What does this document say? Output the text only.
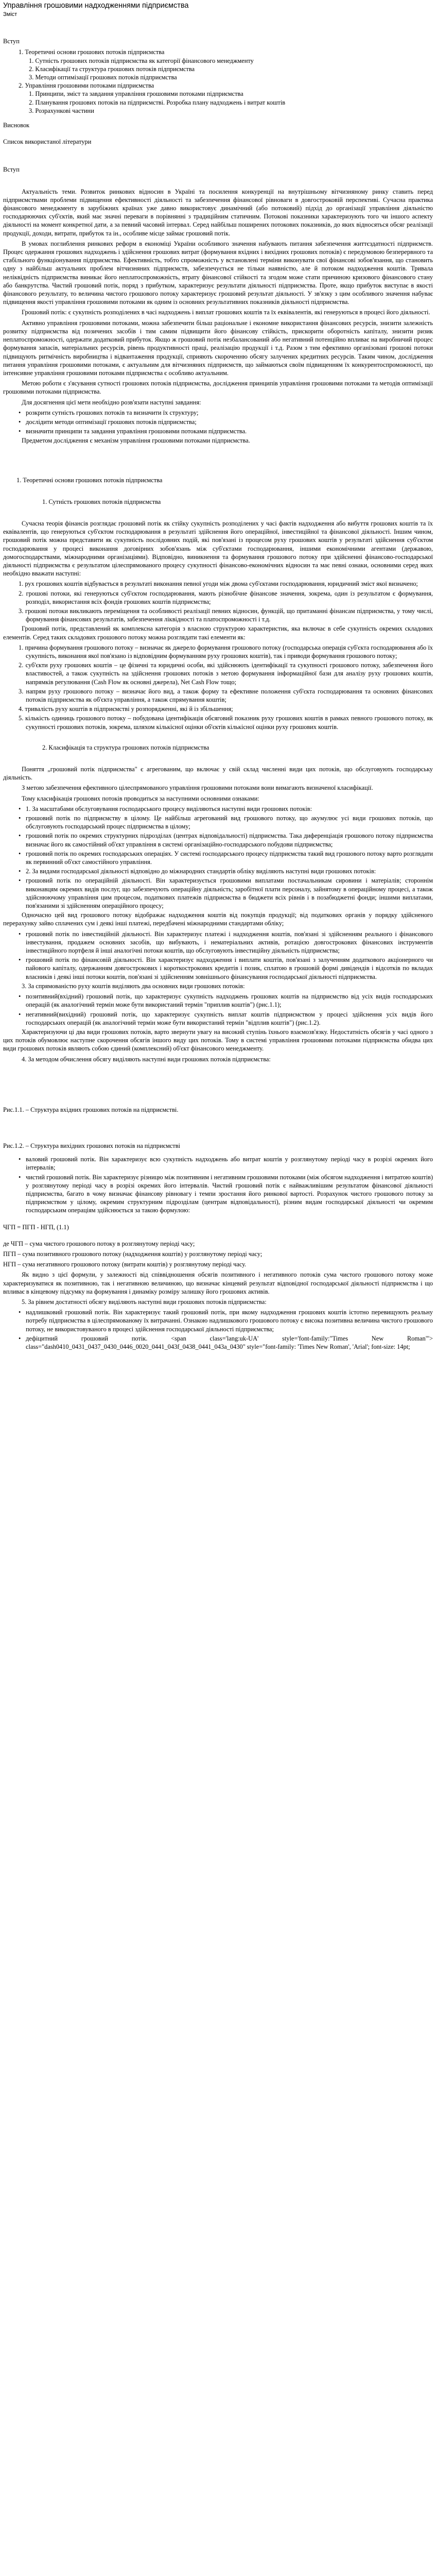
Управління грошовими надходженнями підприємства
Зміст

Вступ

1. Теоретичні основи грошових потоків підприємства
1. Сутність грошових потоків підприємства як категорії фінансового менеджменту
2. Класифікації та структура грошових потоків підприємства
3. Методи оптимізації грошових потоків підприємства
2. Управління грошовими потоками підприємства
1. Принципи, зміст та завдання управління грошовими потоками підприємства
2. Планування грошових потоків на підприємстві. Розробка плану надходжень і витрат коштів
3. Розрахункові частини

Висновок

Список використаної літератури

Вступ

Актуальність теми. Розвиток ринкових відносин в Україні та посилення конкуренції на внутрішньому вітчизняному ринку ставить перед підприємствами проблеми підвищення ефективності діяльності та забезпечення фінансової рівноваги в довгостроковій перспективі. Сучасна практика фінансового менеджменту в зарубіжних країнах уже давно використовує динамічний (або потоковий) підхід до організації управління діяльністю господарюючих суб'єктів, який має значні переваги в порівнянні з традиційним статичним. Потокові показники характеризують того чи іншого аспекту діяльності на момент конкретної дати, а за певний часовий інтервал. Серед найбільш поширених потокових показників, до яких відносяться обсяг реалізації продукції, доходи, витрати, прибуток та ін., особливе місце займає грошовий потік.

В умовах поглиблення ринкових реформ в економіці України особливого значення набувають питання забезпечення життєздатності підприємств. Процес одержання грошових надходжень і здійснення грошових витрат (формування вхідних і вихідних грошових потоків) є передумовою безперервного та стабільного функціонування підприємства. Ефективність, тобто спроможність у встановлені терміни виконувати свої фінансові зобов'язання, що становить одну з найбільш актуальних проблем вітчизняних підприємств, забезпечується не тільки наявністю, але й потоком надходження коштів. Тривала неліквідність підприємства виникає його неплатоспроможність, втрату фінансової стійкості та згодом може стати причиною кризового фінансового стану або банкрутства. Чистий грошовий потік, поряд з прибутком, характеризує результати діяльності підприємства. Проте, якщо прибуток виступає в якості фінансового результату, то величина чистого грошового потоку характеризує грошовий результат діяльності. У зв'язку з цим особливого значення набуває підвищення якості управління грошовими потоками як одним із основних результативних показників діяльності підприємства.

Грошовий потік: є сукупність розподілених в часі надходжень і виплат грошових коштів та їх еквівалентів, які генеруються в процесі його діяльності.

Активно управління грошовими потоками, можна забезпечити більш раціональне і економне використання фінансових ресурсів, знизити залежність розвитку підприємства від позичених засобів і тим самим підвищити його фінансову стійкість, прискорити оборотність капіталу, знизити ризик неплатоспроможності, одержати додатковий прибуток. Якщо ж грошовий потік незбалансований або негативний потенційно впливає на виробничий процес формування запасів, матеріальних ресурсів, рівень продуктивності праці, реалізацію продукції і т.д. Разом з тим ефективно організовані грошові потоки підвищують ритмічність виробництва і відвантаження продукції, сприяють скороченню обсягу залучених кредитних ресурсів. Таким чином, дослідження питання управління грошовими потоками, є актуальним для вітчизняних підприємств, що займаються своїм підвищенням їх конкурентоспроможності, що інтенсивне управління грошовими потоками підприємства є особливо актуальним.

Метою роботи є з'ясування сутності грошових потоків підприємства, дослідження принципів управління грошовими потоками та методів оптимізації грошовими потоками підприємства.

Для досягнення цієї мети необхідно розв'язати наступні завдання:

• розкрити сутність грошових потоків та визначити їх структуру;
• дослідити методи оптимізації грошових потоків підприємства;
• визначити принципи та завдання управління грошовими потоками підприємства.

Предметом дослідження є механізм управління грошовими потоками підприємства.

1. Теоретичні основи грошових потоків підприємства

1. Сутність грошових потоків підприємства

Сучасна теорія фінансів розглядає грошовий потік як стійку сукупність розподілених у часі фактів надходження або вибуття грошових коштів та їх еквівалентів, що генеруються суб'єктом господарювання в результаті здійснення його операційної, інвестиційної та фінансової діяльності. Іншим чином, грошовий потік можна представити як сукупність послідовних подій, які пов'язані із процесом руху грошових коштів у результаті здійснення суб'єктом господарювання у процесі виконання договірних зобов'язань між суб'єктами господарювання, іншими економічними агентами (державою, домогосподарствами, міжнародними організаціями). Відповідно, виникнення та формування грошового потоку при здійсненні фінансово-господарської діяльності підприємства є результатом цілеспрямованого процесу сукупності фінансово-економічних відносин та має певні ознаки, основними серед яких необхідно вважати наступні:

1. рух грошових коштів відбувається в результаті виконання певної угоди між двома суб'єктами господарювання, юридичний зміст якої визначено;
2. грошові потоки, які генеруються суб'єктом господарювання, мають різнобічне фінансове значення, зокрема, один із результатом є формування, розподіл, використання всіх фондів грошових коштів підприємства;
3. грошові потоки викликають переміщення та особливості реалізації певних відносин, функцій, що притаманні фінансам підприємства, у тому числі, формування фінансових результатів, забезпечення ліквідності та платоспроможності і т.д.

Грошовий потік, представлений як комплексна категорія з власною структурою характеристик, яка включає в себе сукупність окремих складових елементів. Серед таких складових грошового потоку можна розглядати такі елементи як:

1. причина формування грошового потоку – визначає як джерело формування грошового потоку (господарська операція суб'єкта господарювання або їх сукупність, виконання якої пов'язано із відповідним формуванням руху грошових коштів), так і приводи формування грошового потоку;
2. суб'єкти руху грошових коштів – це фізичні та юридичні особи, які здійснюють ідентифікації та сукупності грошового потоку, забезпечення його властивостей, а також сукупність на здійснення грошових потоків з метою формування інформаційної бази для аналізу руху грошових коштів, напрямків регулювання (Cash Flow як основні джерела), Net Cash Flow тощо;
3. напрям руху грошового потоку – визначає його вид, а також форму та ефективне положення суб'єкта господарювання та основних фінансових потоків підприємства як об'єкта управління, а також спрямування коштів;
4. тривалість руху коштів в підприємстві у розпорядженні, які й із збільшення;
5. кількість одиниць грошового потоку – побудована ідентифікація обсяговий показник руху грошових коштів в рамках певного грошового потоку, як сукупності грошових потоків, зокрема, шляхом кількісної оцінки об'єктів кількісної оцінки руху грошових коштів.

2. Класифікація та структура грошових потоків підприємства

Поняття „грошовий потік підприємства" є агрегованим, що включає у свій склад численні види цих потоків, що обслуговують господарську діяльність.

З метою забезпечення ефективного цілеспрямованого управління грошовими потоками вони вимагають визначеної класифікації.

Тому класифікація грошових потоків проводиться за наступними основними ознаками:

• 1. За масштабами обслуговування господарського процесу виділяються наступні види грошових потоків:
• грошовий потік по підприємству в цілому. Це найбільш агрегований вид грошового потоку, що акумулює усі види грошових потоків, що обслуговують господарський процес підприємства в цілому;
• грошовий потік по окремих структурних підрозділах (центрах відповідальності) підприємства. Така диференціація грошового потоку підприємства визначає його як самостійний об'єкт управління в системі організаційно-господарського побудови підприємства;
• грошовий потік по окремих господарських операціях. У системі господарського процесу підприємства такий вид грошового потоку варто розглядати як первинний об'єкт самостійного управління.
• 2. За видами господарської діяльності відповідно до міжнародних стандартів обліку виділяють наступні види грошових потоків:
• грошовий потік по операційній діяльності. Він характеризується грошовими виплатами постачальникам сировини і матеріалів; стороннім виконавцям окремих видів послуг, що забезпечують операційну діяльність; заробітної плати персоналу, зайнятому в операційному процесі, а також здійснюючому управління цим процесом, податкових платежів підприємства в бюджети всіх рівнів і в позабюджетні фонди; іншими виплатами, пов'язаними зі здійсненням операційного процесу;

Одночасно цей вид грошового потоку відображає надходження коштів від покупців продукції; від податкових органів у порядку здійсненого перерахунку зайво сплачених сум і деякі інші платежі, передбачені міжнародними стандартами обліку;

• грошовий потік по інвестиційній діяльності. Він характеризує платежі і надходження коштів, пов'язані зі здійсненням реального і фінансового інвестування, продажем основних засобів, що вибувають, і нематеріальних активів, ротацією довгострокових фінансових інструментів інвестиційного портфеля й інші аналогічні потоки коштів, що обслуговують інвестиційну діяльність підприємства;
• грошовий потік по фінансовій діяльності. Він характеризує надходження і виплати коштів, пов'язані з залученням додаткового акціонерного чи пайового капіталу, одержанням довгострокових і короткострокових кредитів і позик, сплатою в грошовій формі дивідендів і відсотків по вкладах власників і деякі інші потоки коштів, пов'язані зі здійсненням зовнішнього фінансування господарської діяльності підприємства.

3. За спрямованістю руху коштів виділяють два основних види грошових потоків:

• позитивний(вхідний) грошовий потік, що характеризує сукупність надходжень грошових коштів на підприємство від усіх видів господарських операцій (як аналогічний термін може бути використаний термін "приплив коштів") (рис.1.1);
• негативний(вихідний) грошовий потік, що характеризує сукупність виплат коштів підприємством у процесі здійснення усіх видів його господарських операцій (як аналогічний термін може бути використаний термін "відплив коштів") (рис.1.2).

Характеризуючи ці два види грошових потоків, варто звернути увагу на високий ступінь їхнього взаємозв'язку. Недостатність обсягів у часі одного з цих потоків обумовлює наступне скорочення обсягів іншого виду цих потоків. Тому в системі управління грошовими потоками підприємства обидва цих види грошових потоків являють собою єдиний (комплексний) об'єкт фінансового менеджменту.

4. За методом обчислення обсягу виділяють наступні види грошових потоків підприємства:

Рис.1.1. – Структура вхідних грошових потоків на підприємстві.

Рис.1.2. – Структура вихідних грошових потоків на підприємстві

• валовий грошовий потік. Він характеризує всю сукупність надходжень або витрат коштів у розглянутому періоді часу в розрізі окремих його інтервалів;
• чистий грошовий потік. Він характеризує різницю між позитивним і негативним грошовими потоками (між обсягом надходження і витратою коштів) у розглянутому періоді часу в розрізі окремих його інтервалів. Чистий грошовий потік є найважливішим результатом фінансової діяльності підприємства, багато в чому визначає фінансову рівновагу і темпи зростання його ринкової вартості. Розрахунок чистого грошового потоку за підприємством у цілому, окремим структурним підрозділам (центрам відповідальності), різним видам господарської діяльності чи окремим господарським операціям здійснюється за такою формулою:

ЧГП = ПГП - НГП, (1.1)

де ЧГП – сума чистого грошового потоку в розглянутому періоді часу;

ПГП – сума позитивного грошового потоку (надходження коштів) у розглянутому періоді часу;

НГП – сума негативного грошового потоку (витрати коштів) у розглянутому періоді часу.

Як видно з цієї формули, у залежності від співвідношення обсягів позитивного і негативного потоків сума чистого грошового потоку може характеризуватися як позитивною, так і негативною величиною, що визначає кінцевий результат відповідної господарської діяльності підприємства і що впливає в кінцевому підсумку на формування і динаміку розміру залишку його грошових активів.

5. За рівнем достатності обсягу виділяють наступні види грошових потоків підприємства:

• надлишковий грошовий потік. Він характеризує такий грошовий потік, при якому надходження грошових коштів істотно перевищують реальну потребу підприємства в цілеспрямованому їх витрачанні. Ознакою надлишкового грошового потоку є висока позитивна величина чистого грошового потоку, не використовуваного в процесі здійснення господарської діяльності підприємства;
• дефіцитний грошовий потік. <span class='lang:uk-UA' style='font-family:"Times New Roman"'> class="dash0410_0431_0437_0430_0446_0020_0441_043f_0438_0441_043a_0430" style="font-family: 'Times New Roman', 'Arial'; font-size: 14pt;
